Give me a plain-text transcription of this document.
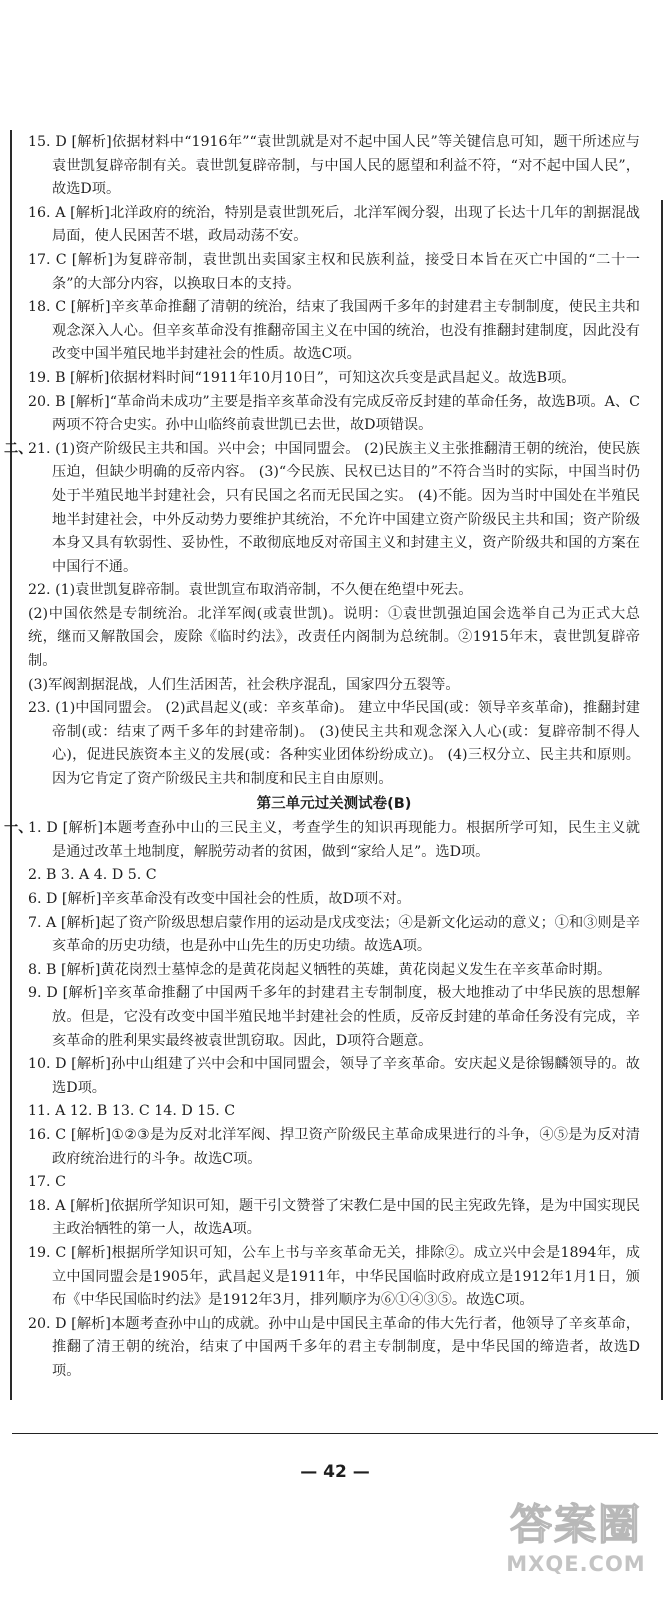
15. D [解析]依据材料中“1916年”“袁世凯就是对不起中国人民”等关键信息可知，题干所述应与袁世凯复辟帝制有关。袁世凯复辟帝制，与中国人民的愿望和利益不符，“对不起中国人民”，故选D项。

16. A [解析]北洋政府的统治，特别是袁世凯死后，北洋军阀分裂，出现了长达十几年的割据混战局面，使人民困苦不堪，政局动荡不安。

17. C [解析]为复辟帝制，袁世凯出卖国家主权和民族利益，接受日本旨在灭亡中国的“二十一条”的大部分内容，以换取日本的支持。

18. C [解析]辛亥革命推翻了清朝的统治，结束了我国两千多年的封建君主专制制度，使民主共和观念深入人心。但辛亥革命没有推翻帝国主义在中国的统治，也没有推翻封建制度，因此没有改变中国半殖民地半封建社会的性质。故选C项。

19. B [解析]依据材料时间“1911年10月10日”，可知这次兵变是武昌起义。故选B项。

20. B [解析]“革命尚未成功”主要是指辛亥革命没有完成反帝反封建的革命任务，故选B项。A、C两项不符合史实。孙中山临终前袁世凯已去世，故D项错误。

二、
21. (1)资产阶级民主共和国。兴中会；中国同盟会。 (2)民族主义主张推翻清王朝的统治，使民族压迫，但缺少明确的反帝内容。 (3)“今民族、民权已达目的”不符合当时的实际，中国当时仍处于半殖民地半封建社会，只有民国之名而无民国之实。 (4)不能。因为当时中国处在半殖民地半封建社会，中外反动势力要维护其统治，不允许中国建立资产阶级民主共和国；资产阶级本身又具有软弱性、妥协性，不敢彻底地反对帝国主义和封建主义，资产阶级共和国的方案在中国行不通。

22. (1)袁世凯复辟帝制。袁世凯宣布取消帝制，不久便在绝望中死去。

(2)中国依然是专制统治。北洋军阀(或袁世凯)。说明：①袁世凯强迫国会选举自己为正式大总统，继而又解散国会，废除《临时约法》，改责任内阁制为总统制。②1915年末，袁世凯复辟帝制。

(3)军阀割据混战，人们生活困苦，社会秩序混乱，国家四分五裂等。

23. (1)中国同盟会。 (2)武昌起义(或：辛亥革命)。 建立中华民国(或：领导辛亥革命)，推翻封建帝制(或：结束了两千多年的封建帝制)。 (3)使民主共和观念深入人心(或：复辟帝制不得人心)，促进民族资本主义的发展(或：各种实业团体纷纷成立)。 (4)三权分立、民主共和原则。 因为它肯定了资产阶级民主共和制度和民主自由原则。

第三单元过关测试卷(B)

一、
1. D [解析]本题考查孙中山的三民主义，考查学生的知识再现能力。根据所学可知，民生主义就是通过改革土地制度，解脱劳动者的贫困，做到“家给人足”。选D项。

2. B 3. A 4. D 5. C

6. D [解析]辛亥革命没有改变中国社会的性质，故D项不对。

7. A [解析]起了资产阶级思想启蒙作用的运动是戊戌变法；④是新文化运动的意义；①和③则是辛亥革命的历史功绩，也是孙中山先生的历史功绩。故选A项。

8. B [解析]黄花岗烈士墓悼念的是黄花岗起义牺牲的英雄，黄花岗起义发生在辛亥革命时期。

9. D [解析]辛亥革命推翻了中国两千多年的封建君主专制制度，极大地推动了中华民族的思想解放。但是，它没有改变中国半殖民地半封建社会的性质，反帝反封建的革命任务没有完成，辛亥革命的胜利果实最终被袁世凯窃取。因此，D项符合题意。

10. D [解析]孙中山组建了兴中会和中国同盟会，领导了辛亥革命。安庆起义是徐锡麟领导的。故选D项。

11. A 12. B 13. C 14. D 15. C

16. C [解析]①②③是为反对北洋军阀、捍卫资产阶级民主革命成果进行的斗争，④⑤是为反对清政府统治进行的斗争。故选C项。

17. C

18. A [解析]依据所学知识可知，题干引文赞誉了宋教仁是中国的民主宪政先锋，是为中国实现民主政治牺牲的第一人，故选A项。

19. C [解析]根据所学知识可知，公车上书与辛亥革命无关，排除②。成立兴中会是1894年，成立中国同盟会是1905年，武昌起义是1911年，中华民国临时政府成立是1912年1月1日，颁布《中华民国临时约法》是1912年3月，排列顺序为⑥①④③⑤。故选C项。

20. D [解析]本题考查孙中山的成就。孙中山是中国民主革命的伟大先行者，他领导了辛亥革命，推翻了清王朝的统治，结束了中国两千多年的君主专制制度，是中华民国的缔造者，故选D项。

— 42 —
答案圈
MXQE.COM
